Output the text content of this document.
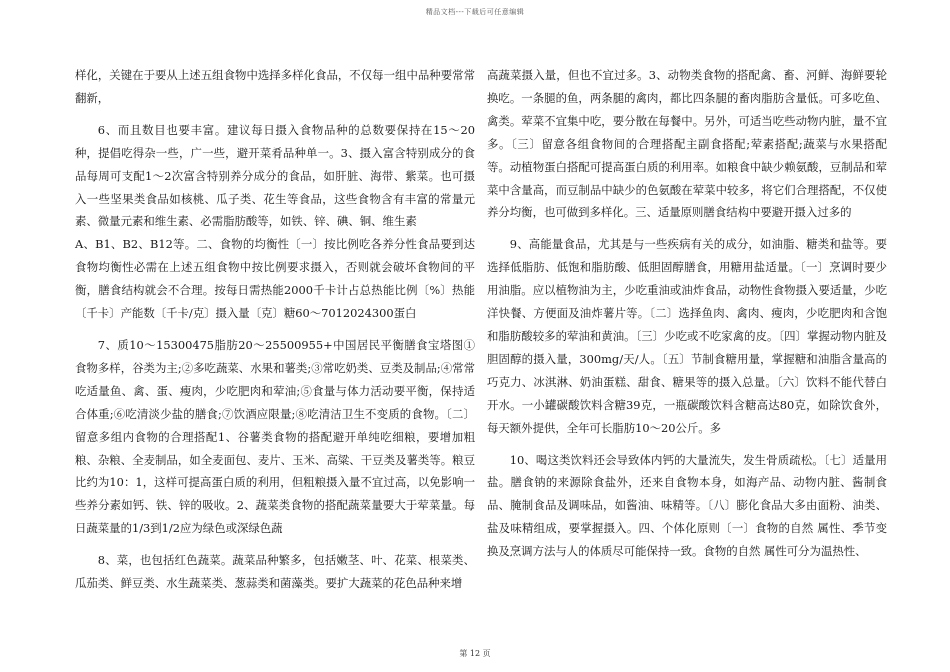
精品文档---下载后可任意编辑

样化，关键在于要从上述五组食物中选择多样化食品，不仅每一组中品种要常常翻新，

6、而且数目也要丰富。建议每日摄入食物品种的总数要保持在15～20种，提倡吃得杂一些，广一些，避开菜肴品种单一。3、摄入富含特别成分的食品每周可支配1～2次富含特别养分成分的食品，如肝脏、海带、紫菜。也可摄入一些坚果类食品如核桃、瓜子类、花生等食品，这些食物含有丰富的常量元素、微量元素和维生素、必需脂肪酸等，如铁、锌、碘、铜、维生素

A、B1、B2、B12等。二、食物的均衡性〔一〕按比例吃各养分性食品要到达食物均衡性必需在上述五组食物中按比例要求摄入，否则就会破坏食物间的平衡，膳食结构就会不合理。按每日需热能2000千卡计占总热能比例〔%〕热能〔千卡〕产能数〔千卡/克〕摄入量〔克〕糖60～7012024300蛋白

7、质10～15300475脂肪20～25500955+中国居民平衡膳食宝塔图①食物多样，谷类为主;②多吃蔬菜、水果和薯类;③常吃奶类、豆类及制品;④常常吃适量鱼、禽、蛋、瘦肉，少吃肥肉和荤油;⑤食量与体力活动要平衡，保持适合体重;⑥吃清淡少盐的膳食;⑦饮酒应限量;⑧吃清洁卫生不变质的食物。〔二〕留意多组内食物的合理搭配1、谷薯类食物的搭配避开单纯吃细粮，要增加粗粮、杂粮、全麦制品，如全麦面包、麦片、玉米、高粱、干豆类及薯类等。粮豆比约为10：1，这样可提高蛋白质的利用，但粗粮摄入量不宜过高，以免影响一些养分素如钙、铁、锌的吸收。2、蔬菜类食物的搭配蔬菜量要大于荤菜量。每日蔬菜量的1/3到1/2应为绿色或深绿色蔬

8、菜，也包括红色蔬菜。蔬菜品种繁多，包括嫩茎、叶、花菜、根菜类、瓜茄类、鲜豆类、水生蔬菜类、葱蒜类和菌藻类。要扩大蔬菜的花色品种来增

高蔬菜摄入量，但也不宜过多。3、动物类食物的搭配禽、畜、河鲜、海鲜要轮换吃。一条腿的鱼，两条腿的禽肉，都比四条腿的畜肉脂肪含量低。可多吃鱼、禽类。荤菜不宜集中吃，要分散在每餐中。另外，可适当吃些动物内脏，量不宜多。〔三〕留意各组食物间的合理搭配主副食搭配;荤素搭配;蔬菜与水果搭配等。动植物蛋白搭配可提高蛋白质的利用率。如粮食中缺少赖氨酸，豆制品和荤菜中含量高，而豆制品中缺少的色氨酸在荤菜中较多，将它们合理搭配，不仅使养分均衡，也可做到多样化。三、适量原则膳食结构中要避开摄入过多的

9、高能量食品，尤其是与一些疾病有关的成分，如油脂、糖类和盐等。要选择低脂肪、低饱和脂肪酸、低胆固醇膳食，用糖用盐适量。〔一〕烹调时要少用油脂。应以植物油为主，少吃重油或油炸食品，动物性食物摄入要适量，少吃洋快餐、方便面及油炸薯片等。〔二〕选择鱼肉、禽肉、瘦肉，少吃肥肉和含饱和脂肪酸较多的荤油和黄油。〔三〕少吃或不吃家禽的皮。〔四〕掌握动物内脏及胆固醇的摄入量，300mg/天/人。〔五〕节制食糖用量，掌握糖和油脂含量高的巧克力、冰淇淋、奶油蛋糕、甜食、糖果等的摄入总量。〔六〕饮料不能代替白开水。一小罐碳酸饮料含糖39克，一瓶碳酸饮料含糖高达80克，如除饮食外，每天额外提供，全年可长脂肪10～20公斤。多

10、喝这类饮料还会导致体内钙的大量流失，发生骨质疏松。〔七〕适量用盐。膳食钠的来源除食盐外，还来自食物本身，如海产品、动物内脏、酱制食品、腌制食品及调味品，如酱油、味精等。〔八〕膨化食品大多由面粉、油类、盐及味精组成，要掌握摄入。四、个体化原则〔一〕食物的自然 属性、季节变换及烹调方法与人的体质尽可能保持一致。食物的自然 属性可分为温热性、

第 12 页
